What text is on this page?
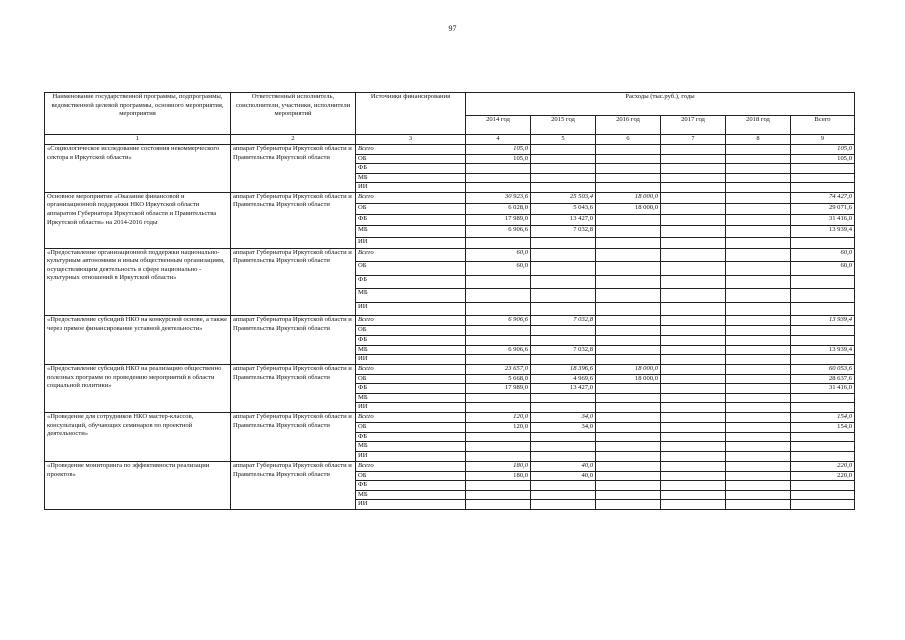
97
Наименование государственной программы, подпрограммы, ведомственной целевой программы, основного мероприятия, мероприятия	Ответственный исполнитель, соисполнители, участники, исполнители мероприятий	Источники финансирования	Расходы (тыс.руб.), годы					
			2014 год	2015 год	2016 год	2017 год	2018 год	Всего
1	2	3	4	5	6	7	8	9
«Социологическое исследование состояния некоммерческого сектора в Иркутской области»	аппарат Губернатора Иркутской области и Правительства Иркутской области	Всего	105,0					105,0
		ОБ	105,0					105,0
		ФБ						
		МБ						
		ИИ						
Основное мероприятие «Оказание финансовой и организационной поддержки НКО Иркутской области аппаратом Губернатора Иркутской области и Правительства Иркутской области» на 2014-2016 годы	аппарат Губернатора Иркутской области и Правительства Иркутской области	Всего	30 923,6	25 503,4	18 000,0			74 427,0
		ОБ	6 028,0	5 043,6	18 000,0			29 071,6
		ФБ	17 989,0	13 427,0				31 416,0
		МБ	6 906,6	7 032,8				13 939,4
		ИИ						
«Предоставление организационной поддержки национально-культурным автономиям и иным общественным организациям, осуществляющим деятельность в сфере национально - культурных отношений в Иркутской области»	аппарат Губернатора Иркутской области и Правительства Иркутской области	Всего	60,0					60,0
		ОБ	60,0					60,0
		ФБ						
		МБ						
		ИИ						
«Предоставление субсидий НКО на конкурсной основе, а также через прямое финансирование уставной деятельности»	аппарат Губернатора Иркутской области и Правительства Иркутской области	Всего	6 906,6	7 032,8				13 939,4
		ОБ						
		ФБ						
		МБ	6 906,6	7 032,8				13 939,4
		ИИ						
«Предоставление субсидий НКО на реализацию общественно полезных программ по проведению мероприятий в области социальной политики»	аппарат Губернатора Иркутской области и Правительства Иркутской области	Всего	23 657,0	18 396,6	18 000,0			60 053,6
		ОБ	5 668,0	4 969,6	18 000,0			28 637,6
		ФБ	17 989,0	13 427,0				31 416,0
		МБ						
		ИИ						
«Проведение для сотрудников НКО мастер-классов, консультаций, обучающих семинаров по проектной деятельности»	аппарат Губернатора Иркутской области и Правительства Иркутской области	Всего	120,0	34,0				154,0
		ОБ	120,0	34,0				154,0
		ФБ						
		МБ						
		ИИ						
«Проведение мониторинга по эффективности реализации проектов»	аппарат Губернатора Иркутской области и Правительства Иркутской области	Всего	180,0	40,0				220,0
		ОБ	180,0	40,0				220,0
		ФБ						
		МБ						
		ИИ						
